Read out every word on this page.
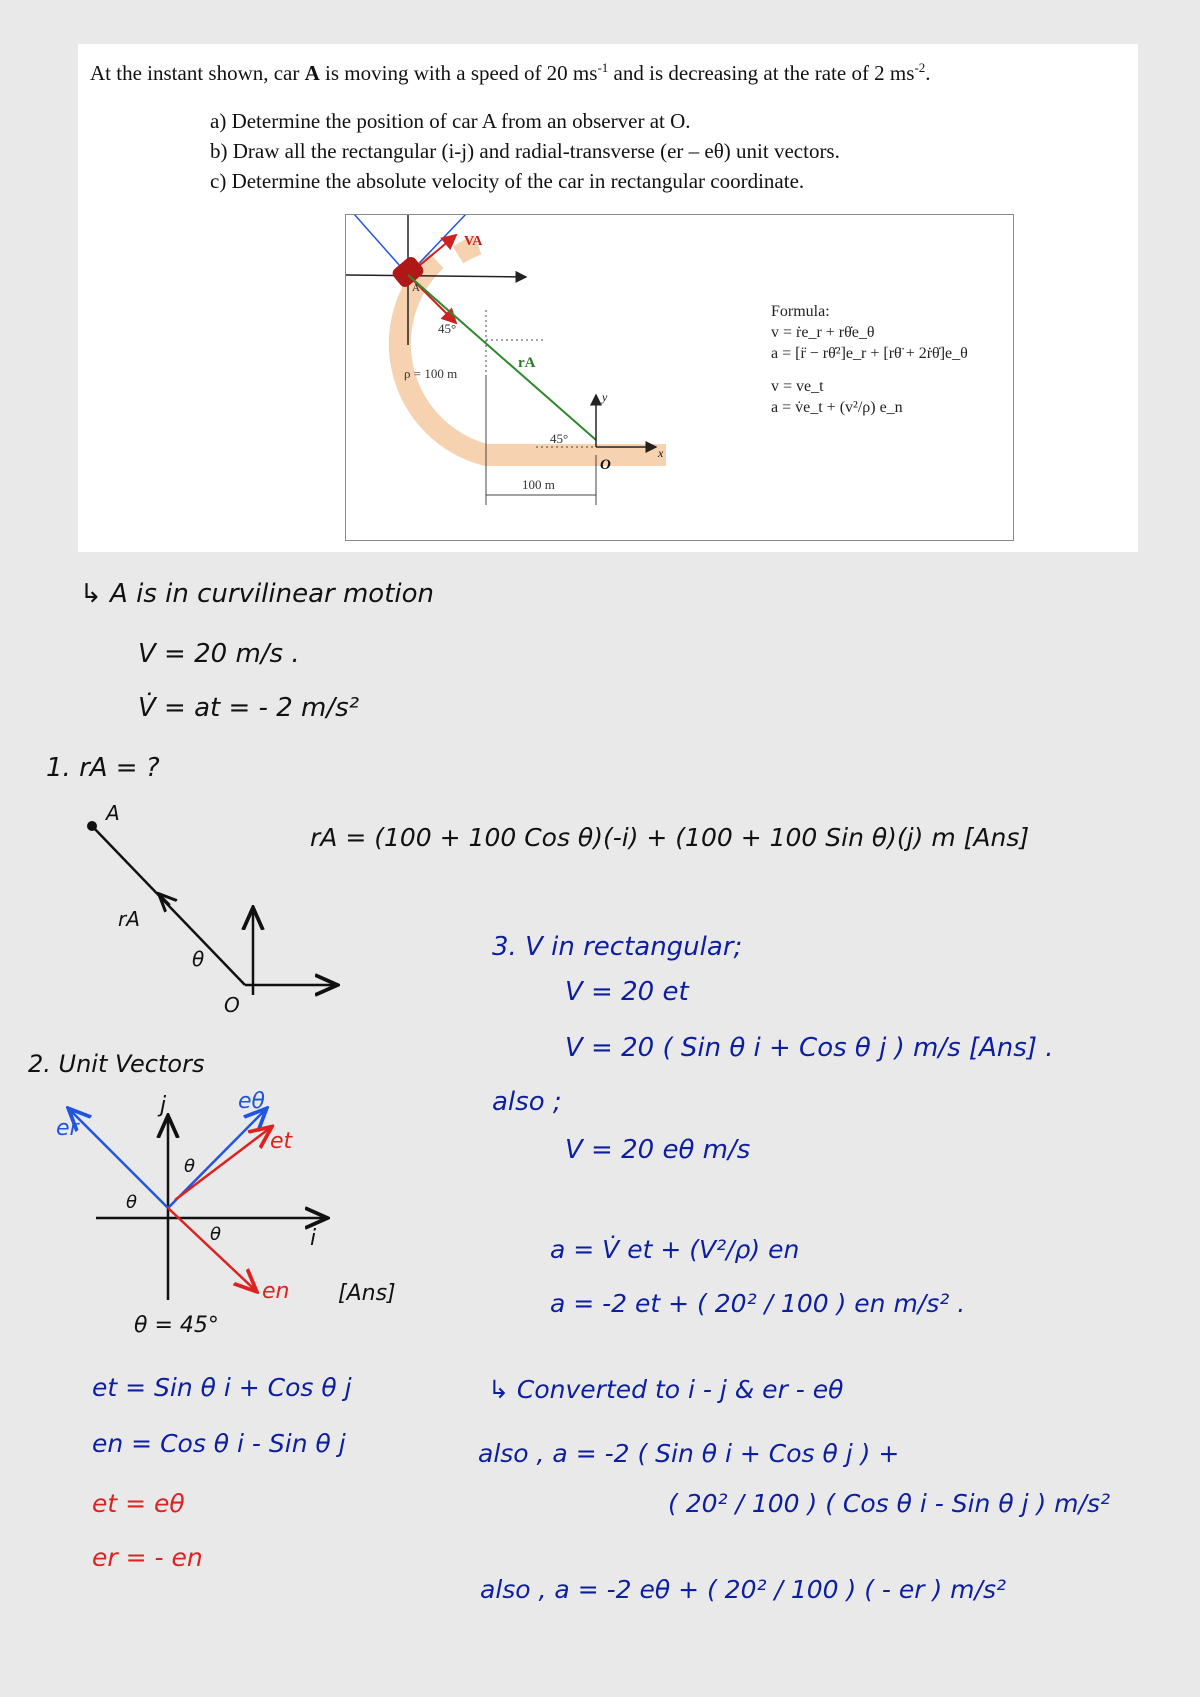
At the instant shown, car A is moving with a speed of 20 $ms^{-1}$ and is decreasing at the rate of 2 $ms^{-2}$.
a) Determine the position of car A from an observer at O.
b) Draw all the rectangular (i-j) and radial-transverse (er – eθ) unit vectors.
c) Determine the absolute velocity of the car in rectangular coordinate.
VA
A
45°
ρ = 100 m
rA
45°
100 m
O
x
y
Formula:
v = ṙe_r + rθ̇e_θ
a = [r̈ − rθ̇²]e_r + [rθ̈ + 2ṙθ̇]e_θ
v = ve_t
a = v̇e_t + (v²/ρ) e_n
↳ A is in curvilinear motion
V = 20 m/s .
V̇ = at = - 2 m/s²
1. rA = ?
rA = (100 + 100 Cos θ)(-i) + (100 + 100 Sin θ)(j) m [Ans]
A
rA
θ
O
3. V in rectangular;
V = 20 et
V = 20 ( Sin θ i + Cos θ j ) m/s [Ans] .
also ;
V = 20 eθ m/s
2. Unit Vectors
er
j	eθ
et
θ
θ
θ	i
en [Ans]
θ = 45°
et = Sin θ i + Cos θ j
en = Cos θ i - Sin θ j
et = eθ
er = - en
a = V̇ et + (V²/ρ) en
a = -2 et + ( 20² / 100 ) en m/s² .
↳ Converted to i - j & er - eθ
also , a = -2 ( Sin θ i + Cos θ j ) +
( 20² / 100 ) ( Cos θ i - Sin θ j ) m/s²
also , a = -2 eθ + ( 20² / 100 ) ( - er ) m/s²
